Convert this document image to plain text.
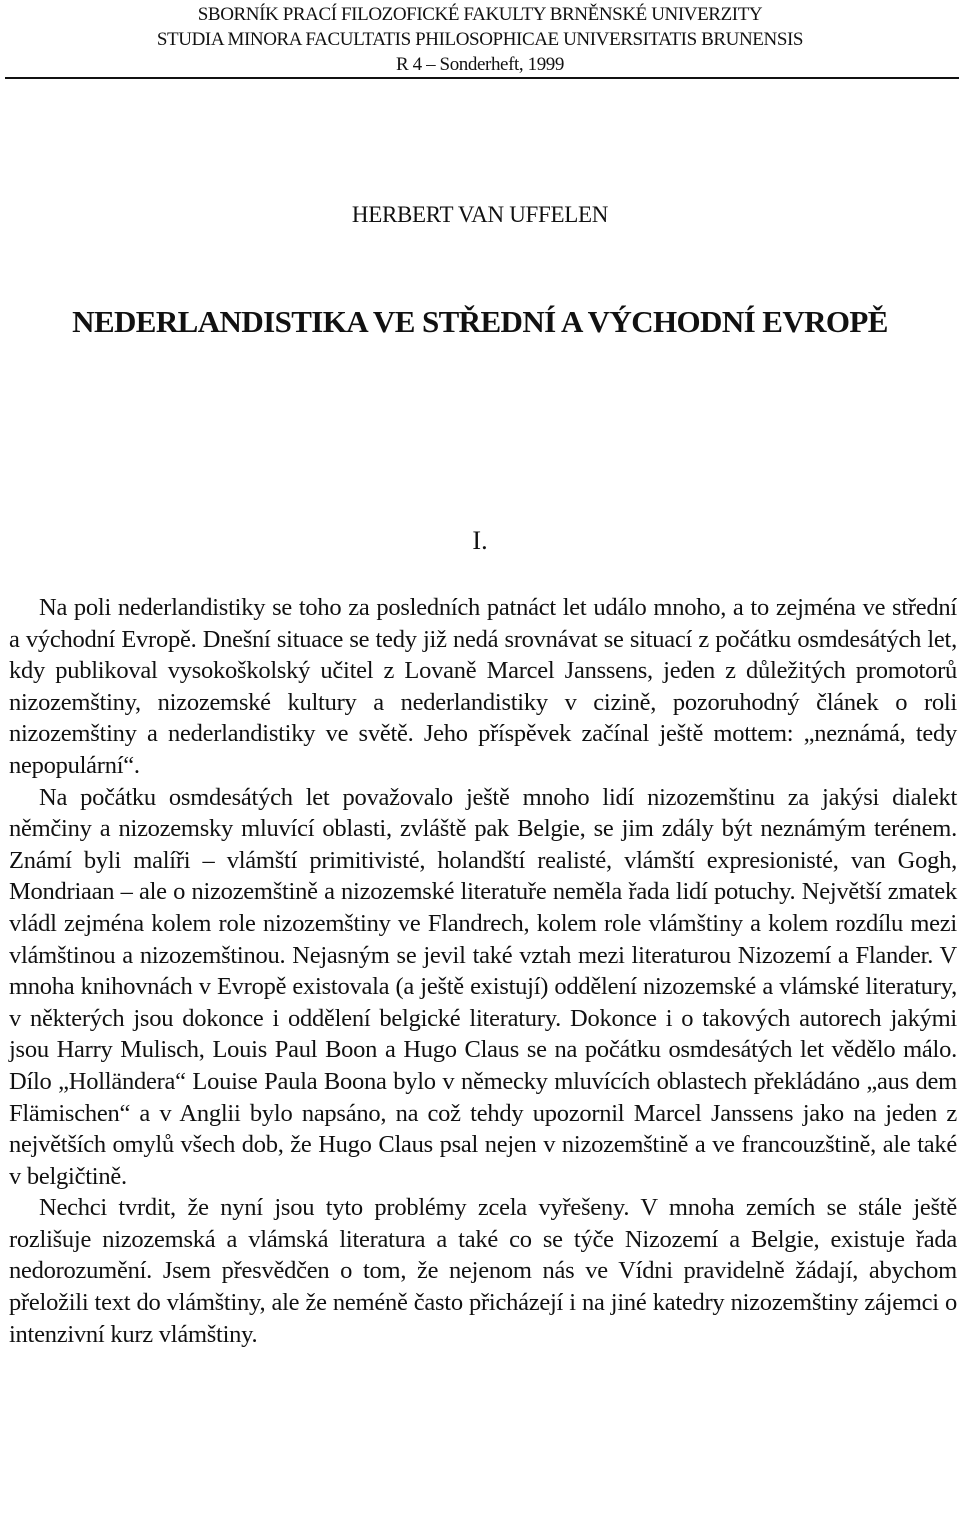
SBORNÍK PRACÍ FILOZOFICKÉ FAKULTY BRNĚNSKÉ UNIVERZITY
STUDIA MINORA FACULTATIS PHILOSOPHICAE UNIVERSITATIS BRUNENSIS
R 4 – Sonderheft, 1999
HERBERT VAN UFFELEN
NEDERLANDISTIKA VE STŘEDNÍ A VÝCHODNÍ EVROPĚ
I.

Na poli nederlandistiky se toho za posledních patnáct let událo mnoho, a to zejména ve střední a východní Evropě. Dnešní situace se tedy již nedá srovnávat se situací z počátku osmdesátých let, kdy publikoval vysokoškolský učitel z Lovaně Marcel Janssens, jeden z důležitých promotorů nizozemštiny, nizozemské kultury a nederlandistiky v cizině, pozoruhodný článek o roli nizozemštiny a nederlandistiky ve světě. Jeho příspěvek začínal ještě mottem: „neznámá, tedy nepopulární“.

Na počátku osmdesátých let považovalo ještě mnoho lidí nizozemštinu za jakýsi dialekt němčiny a nizozemsky mluvící oblasti, zvláště pak Belgie, se jim zdály být neznámým terénem. Známí byli malíři – vlámští primitivisté, holandští realisté, vlámští expresionisté, van Gogh, Mondriaan – ale o nizozemštině a nizozemské literatuře neměla řada lidí potuchy. Největší zmatek vládl zejména kolem role nizozemštiny ve Flandrech, kolem role vlámštiny a kolem rozdílu mezi vlámštinou a nizozemštinou. Nejasným se jevil také vztah mezi literaturou Nizozemí a Flander. V mnoha knihovnách v Evropě existovala (a ještě existují) oddělení nizozemské a vlámské literatury, v některých jsou dokonce i oddělení belgické literatury. Dokonce i o takových autorech jakými jsou Harry Mulisch, Louis Paul Boon a Hugo Claus se na počátku osmdesátých let vědělo málo. Dílo „Holländera“ Louise Paula Boona bylo v německy mluvících oblastech překládáno „aus dem Flämischen“ a v Anglii bylo napsáno, na což tehdy upozornil Marcel Janssens jako na jeden z největších omylů všech dob, že Hugo Claus psal nejen v nizozemštině a ve francouzštině, ale také v belgičtině.

Nechci tvrdit, že nyní jsou tyto problémy zcela vyřešeny. V mnoha zemích se stále ještě rozlišuje nizozemská a vlámská literatura a také co se týče Nizozemí a Belgie, existuje řada nedorozumění. Jsem přesvědčen o tom, že nejenom nás ve Vídni pravidelně žádají, abychom přeložili text do vlámštiny, ale že neméně často přicházejí i na jiné katedry nizozemštiny zájemci o intenzivní kurz vlámštiny.
